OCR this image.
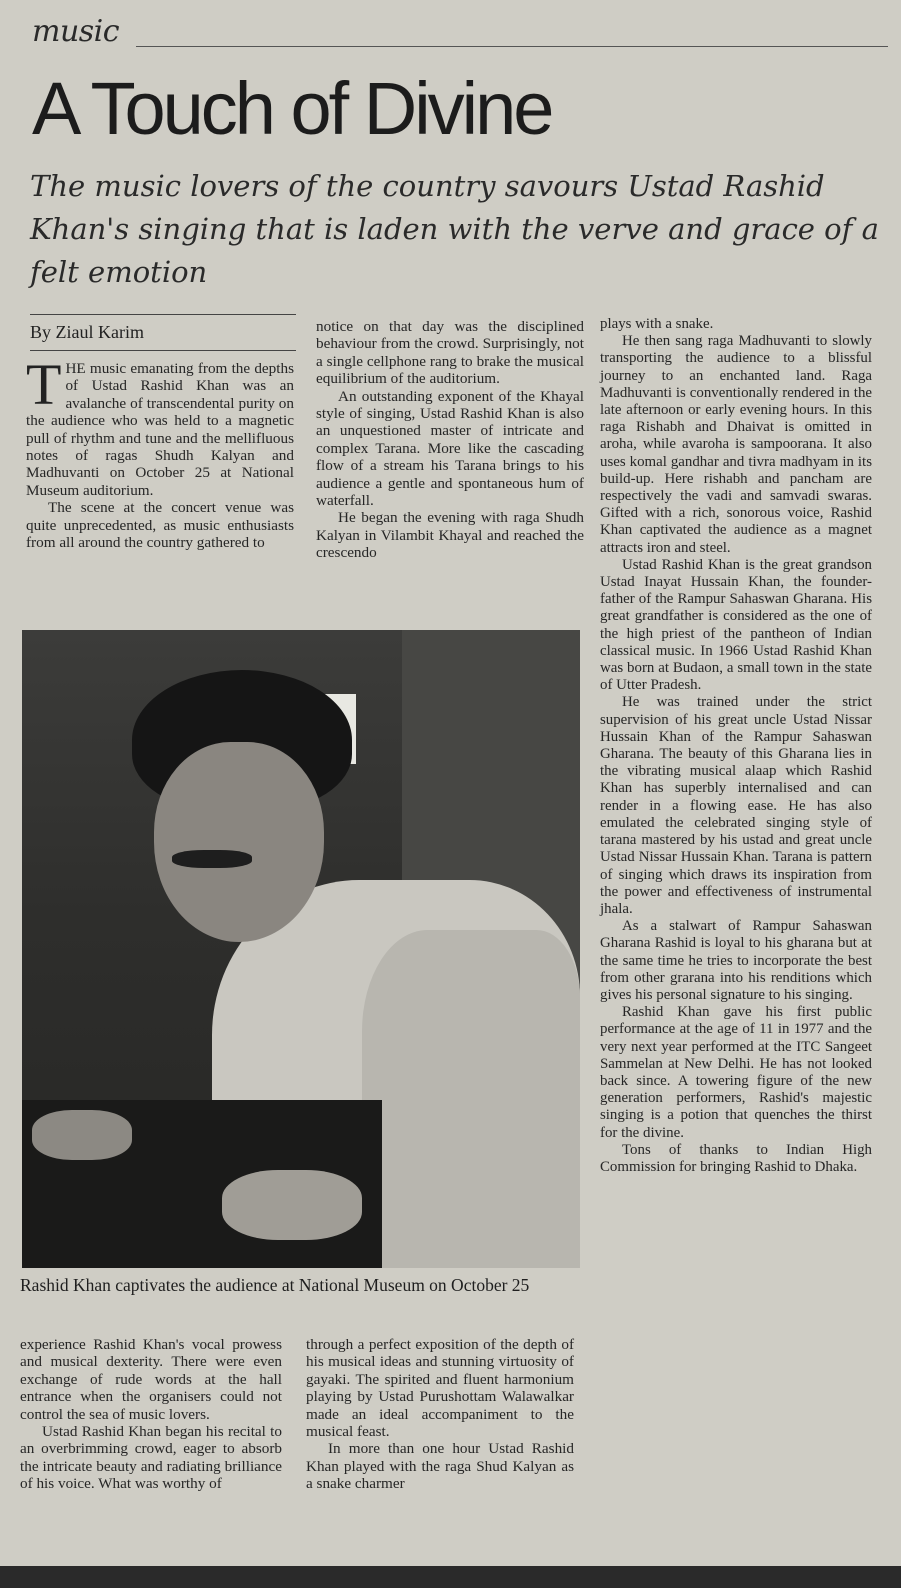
music
A Touch of Divine

The music lovers of the country savours Ustad Rashid Khan's singing that is laden with the verve and grace of a felt emotion

By Ziaul Karim

THE music emanating from the depths of Ustad Rashid Khan was an avalanche of transcendental purity on the audience who was held to a magnetic pull of rhythm and tune and the mellifluous notes of ragas Shudh Kalyan and Madhuvanti on October 25 at National Museum auditorium.

The scene at the concert venue was quite unprecedented, as music enthusiasts from all around the country gathered to

notice on that day was the disciplined behaviour from the crowd. Surprisingly, not a single cellphone rang to brake the musical equilibrium of the auditorium.

An outstanding exponent of the Khayal style of singing, Ustad Rashid Khan is also an unquestioned master of intricate and complex Tarana. More like the cascading flow of a stream his Tarana brings to his audience a gentle and spontaneous hum of waterfall.

He began the evening with raga Shudh Kalyan in Vilambit Khayal and reached the crescendo

plays with a snake.

He then sang raga Madhuvanti to slowly transporting the audience to a blissful journey to an enchanted land. Raga Madhuvanti is conventionally rendered in the late afternoon or early evening hours. In this raga Rishabh and Dhaivat is omitted in aroha, while avaroha is sampoorana. It also uses komal gandhar and tivra madhyam in its build-up. Here rishabh and pancham are respectively the vadi and samvadi swaras. Gifted with a rich, sonorous voice, Rashid Khan captivated the audience as a magnet attracts iron and steel.

Ustad Rashid Khan is the great grandson Ustad Inayat Hussain Khan, the founder-father of the Rampur Sahaswan Gharana. His great grandfather is considered as the one of the high priest of the pantheon of Indian classical music. In 1966 Ustad Rashid Khan was born at Budaon, a small town in the state of Utter Pradesh.

He was trained under the strict supervision of his great uncle Ustad Nissar Hussain Khan of the Rampur Sahaswan Gharana. The beauty of this Gharana lies in the vibrating musical alaap which Rashid Khan has superbly internalised and can render in a flowing ease. He has also emulated the celebrated singing style of tarana mastered by his ustad and great uncle Ustad Nissar Hussain Khan. Tarana is pattern of singing which draws its inspiration from the power and effectiveness of instrumental jhala.

As a stalwart of Rampur Sahaswan Gharana Rashid is loyal to his gharana but at the same time he tries to incorporate the best from other grarana into his renditions which gives his personal signature to his singing.

Rashid Khan gave his first public performance at the age of 11 in 1977 and the very next year performed at the ITC Sangeet Sammelan at New Delhi. He has not looked back since. A towering figure of the new generation performers, Rashid's majestic singing is a potion that quenches the thirst for the divine.

Tons of thanks to Indian High Commission for bringing Rashid to Dhaka.

Rashid Khan captivates the audience at National Museum on October 25

experience Rashid Khan's vocal prowess and musical dexterity. There were even exchange of rude words at the hall entrance when the organisers could not control the sea of music lovers.

Ustad Rashid Khan began his recital to an overbrimming crowd, eager to absorb the intricate beauty and radiating brilliance of his voice. What was worthy of

through a perfect exposition of the depth of his musical ideas and stunning virtuosity of gayaki. The spirited and fluent harmonium playing by Ustad Purushottam Walawalkar made an ideal accompaniment to the musical feast.

In more than one hour Ustad Rashid Khan played with the raga Shud Kalyan as a snake charmer
